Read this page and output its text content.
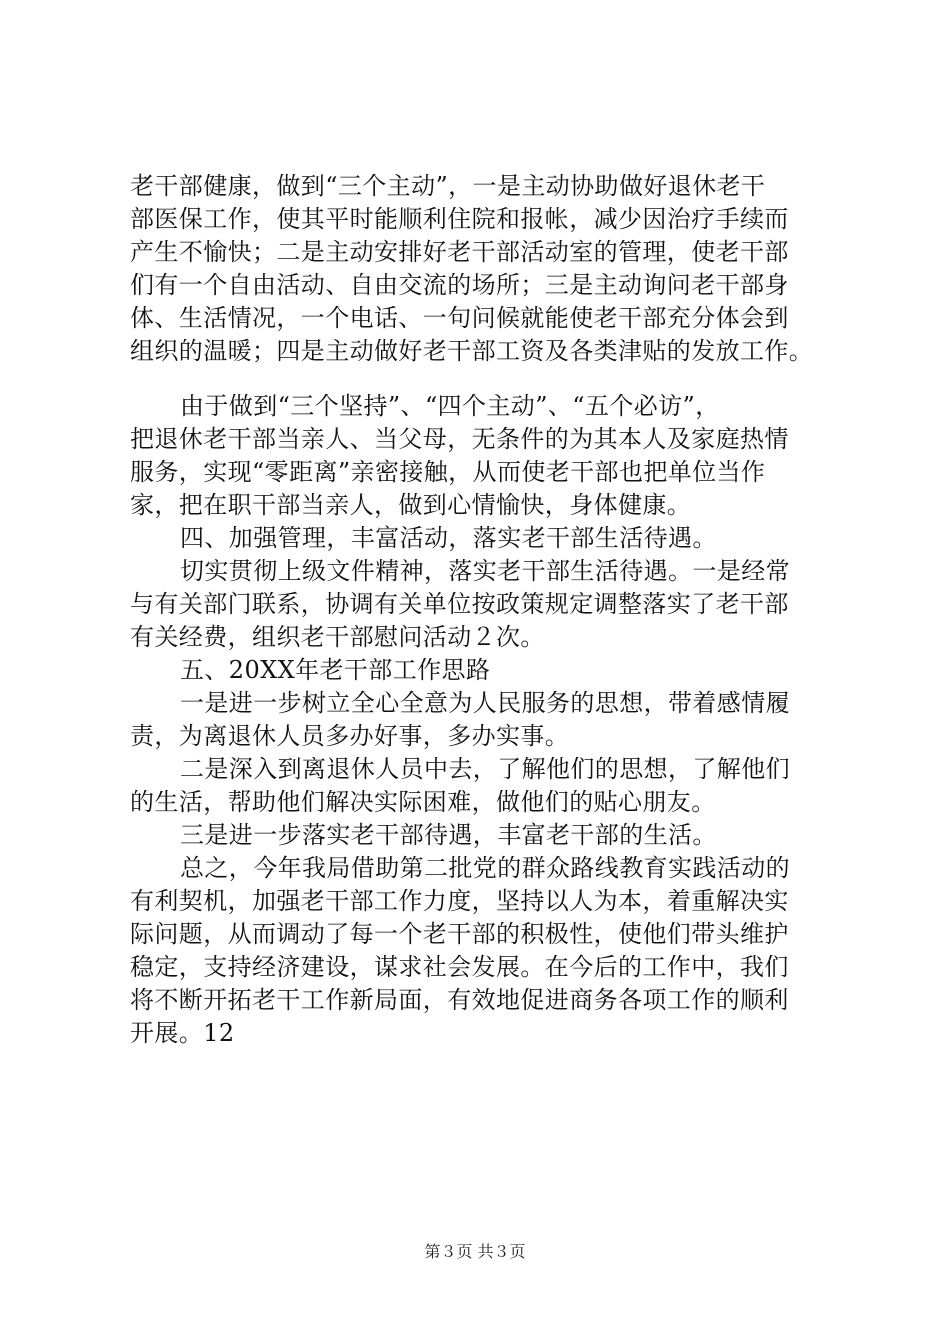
老干部健康，做到“三个主动”，一是主动协助做好退休老干
部医保工作，使其平时能顺利住院和报帐，减少因治疗手续而
产生不愉快；二是主动安排好老干部活动室的管理，使老干部
们有一个自由活动、自由交流的场所；三是主动询问老干部身
体、生活情况，一个电话、一句问候就能使老干部充分体会到
组织的温暖；四是主动做好老干部工资及各类津贴的发放工作。
由于做到“三个坚持”、“四个主动”、“五个必访”，
把退休老干部当亲人、当父母，无条件的为其本人及家庭热情
服务，实现“零距离”亲密接触，从而使老干部也把单位当作
家，把在职干部当亲人，做到心情愉快，身体健康。
四、加强管理，丰富活动，落实老干部生活待遇。
切实贯彻上级文件精神，落实老干部生活待遇。一是经常
与有关部门联系，协调有关单位按政策规定调整落实了老干部
有关经费，组织老干部慰问活动２次。
五、20XX年老干部工作思路
一是进一步树立全心全意为人民服务的思想，带着感情履
责，为离退休人员多办好事，多办实事。
二是深入到离退休人员中去，了解他们的思想，了解他们
的生活，帮助他们解决实际困难，做他们的贴心朋友。
三是进一步落实老干部待遇，丰富老干部的生活。
总之，今年我局借助第二批党的群众路线教育实践活动的
有利契机，加强老干部工作力度，坚持以人为本，着重解决实
际问题，从而调动了每一个老干部的积极性，使他们带头维护
稳定，支持经济建设，谋求社会发展。在今后的工作中，我们
将不断开拓老干工作新局面，有效地促进商务各项工作的顺利
开展。12
第３页 共３页
